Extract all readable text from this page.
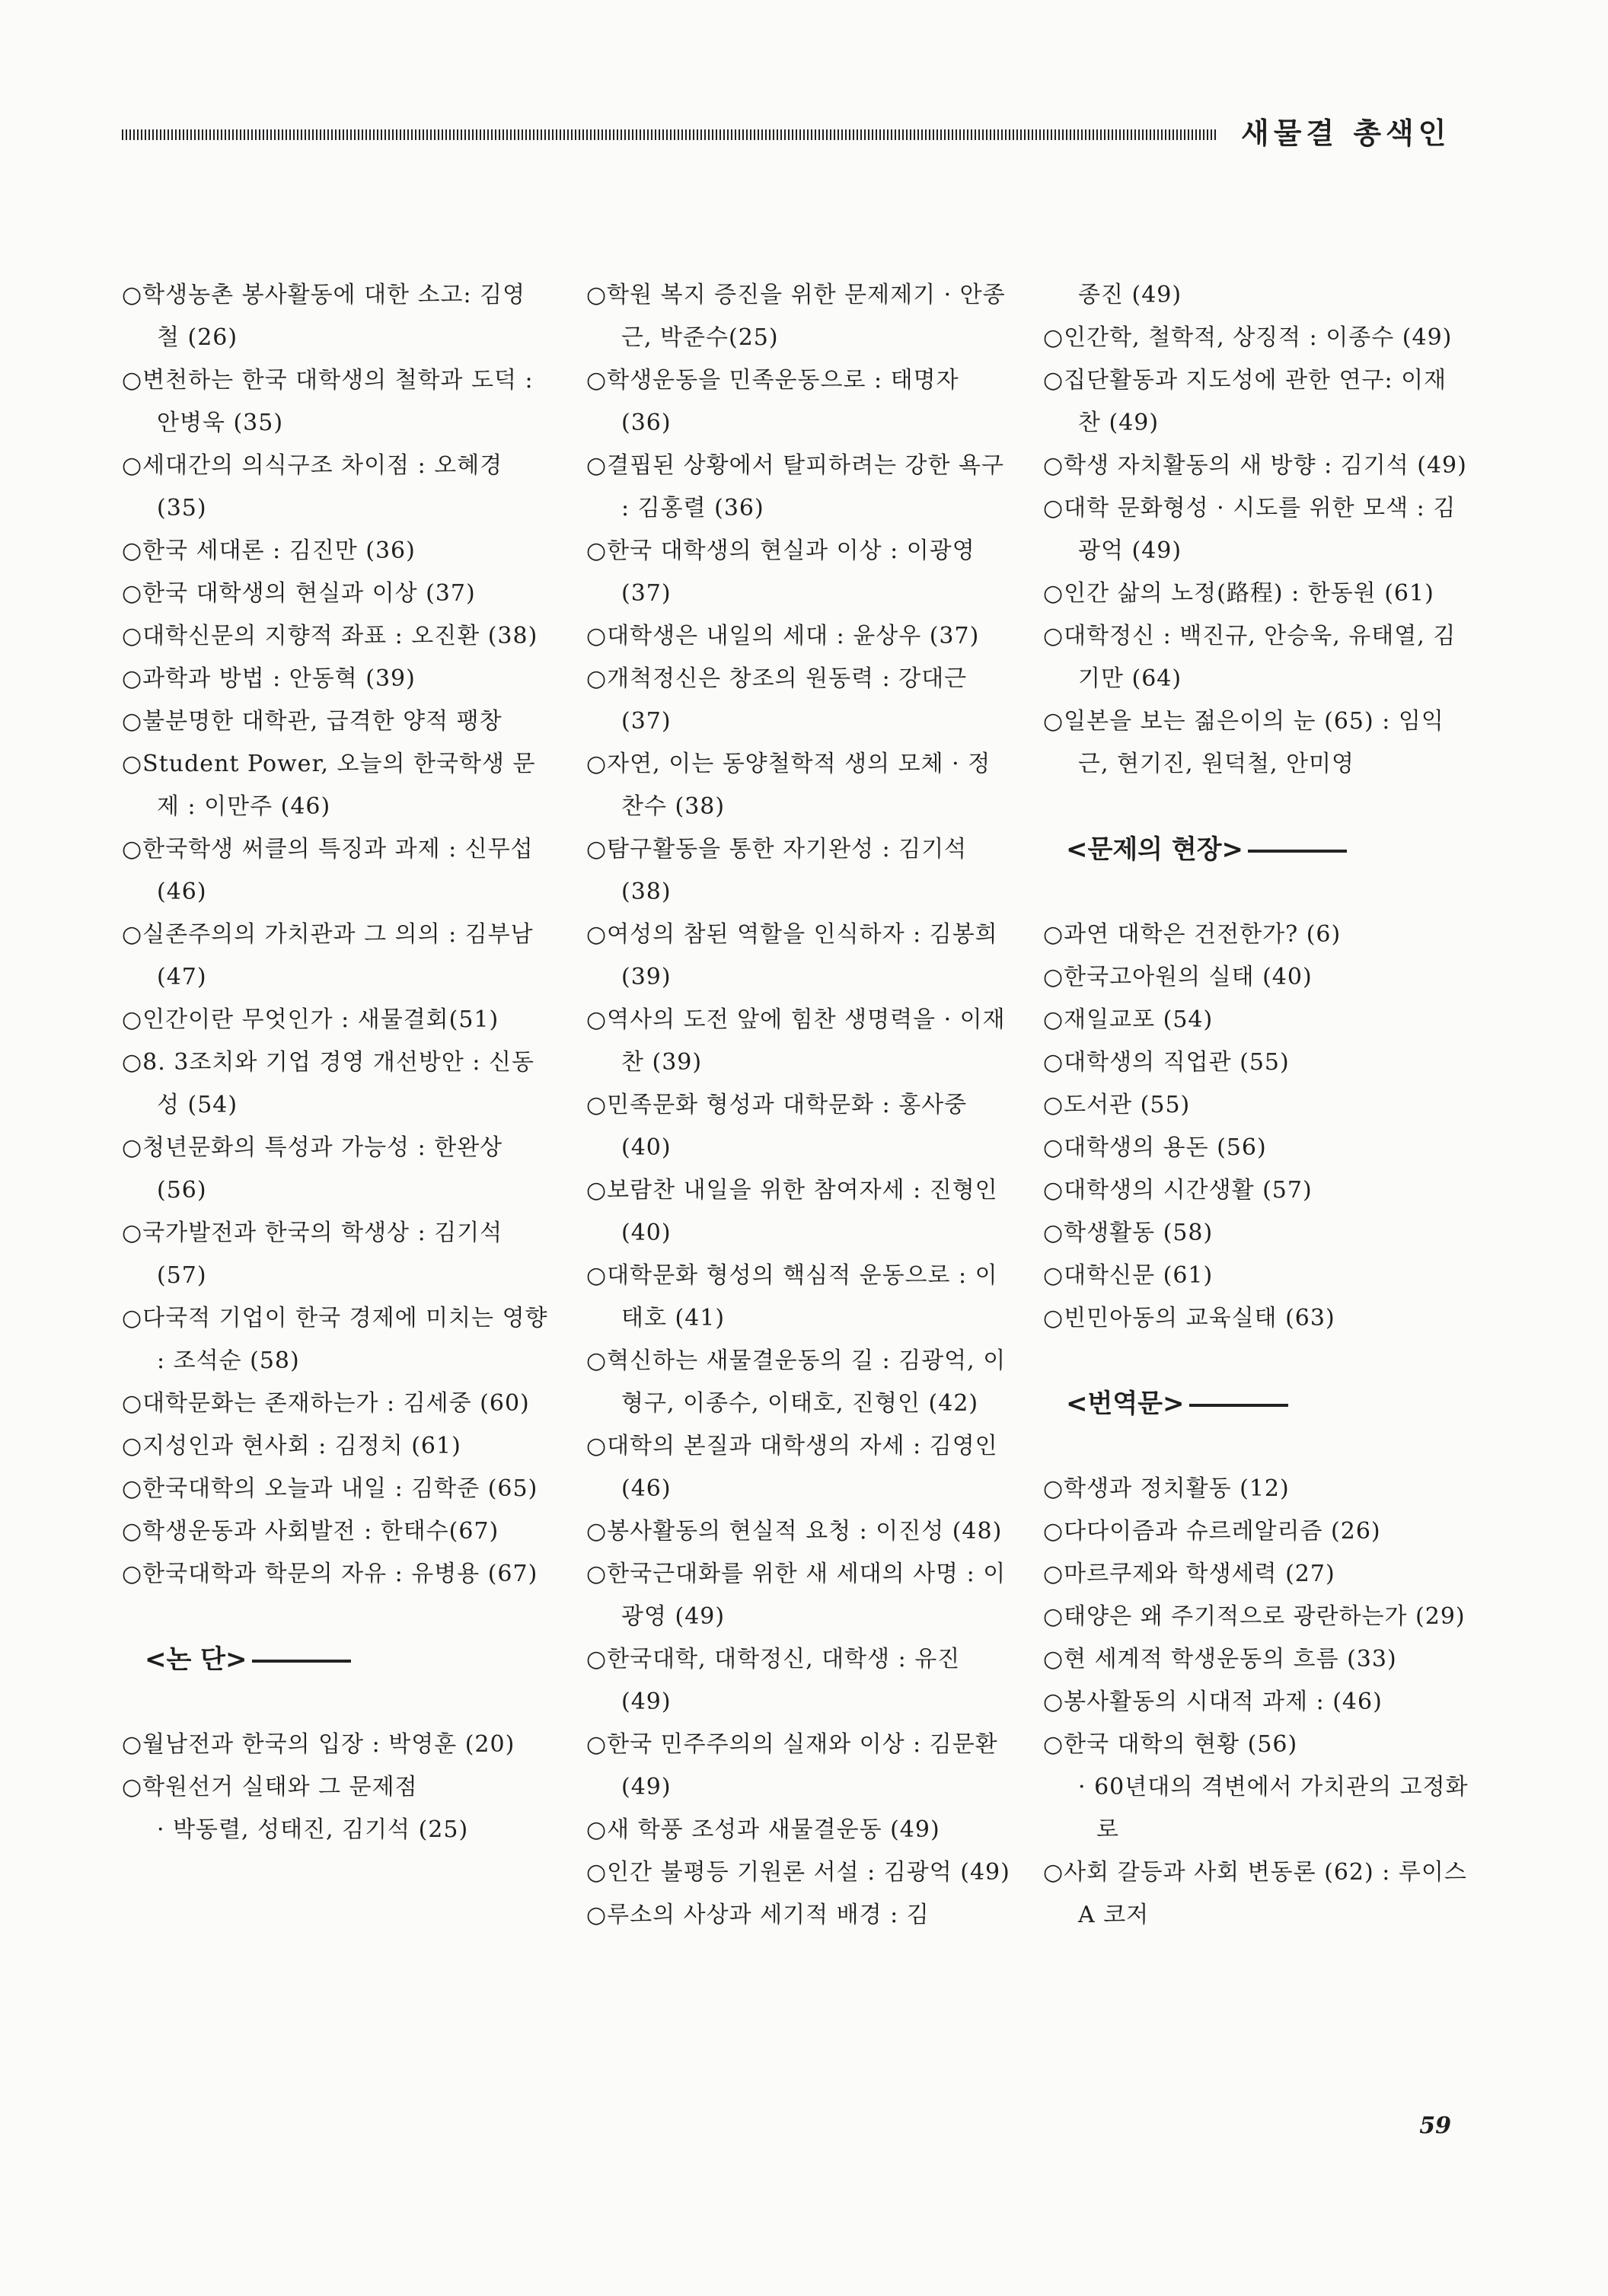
새물결 총색인
○학생농촌 봉사활동에 대한 소고: 김영철 (26)
○변천하는 한국 대학생의 철학과 도덕 : 안병욱 (35)
○세대간의 의식구조 차이점 : 오혜경 (35)
○한국 세대론 : 김진만 (36)
○한국 대학생의 현실과 이상 (37)
○대학신문의 지향적 좌표 : 오진환 (38)
○과학과 방법 : 안동혁 (39)
○불분명한 대학관, 급격한 양적 팽창
○Student Power, 오늘의 한국학생 문제 : 이만주 (46)
○한국학생 써클의 특징과 과제 : 신무섭 (46)
○실존주의의 가치관과 그 의의 : 김부남 (47)
○인간이란 무엇인가 : 새물결회(51)
○8. 3조치와 기업 경영 개선방안 : 신동성 (54)
○청년문화의 특성과 가능성 : 한완상 (56)
○국가발전과 한국의 학생상 : 김기석 (57)
○다국적 기업이 한국 경제에 미치는 영향 : 조석순 (58)
○대학문화는 존재하는가 : 김세중 (60)
○지성인과 현사회 : 김정치 (61)
○한국대학의 오늘과 내일 : 김학준 (65)
○학생운동과 사회발전 : 한태수(67)
○한국대학과 학문의 자유 : 유병용 (67)
<논 단>
○월남전과 한국의 입장 : 박영훈 (20)
○학원선거 실태와 그 문제점
· 박동렬, 성태진, 김기석 (25)
○학원 복지 증진을 위한 문제제기 · 안종근, 박준수(25)
○학생운동을 민족운동으로 : 태명자 (36)
○결핍된 상황에서 탈피하려는 강한 욕구 : 김홍렬 (36)
○한국 대학생의 현실과 이상 : 이광영 (37)
○대학생은 내일의 세대 : 윤상우 (37)
○개척정신은 창조의 원동력 : 강대근 (37)
○자연, 이는 동양철학적 생의 모체 · 정찬수 (38)
○탐구활동을 통한 자기완성 : 김기석 (38)
○여성의 참된 역할을 인식하자 : 김봉희 (39)
○역사의 도전 앞에 힘찬 생명력을 · 이재찬 (39)
○민족문화 형성과 대학문화 : 홍사중 (40)
○보람찬 내일을 위한 참여자세 : 진형인 (40)
○대학문화 형성의 핵심적 운동으로 : 이태호 (41)
○혁신하는 새물결운동의 길 : 김광억, 이형구, 이종수, 이태호, 진형인 (42)
○대학의 본질과 대학생의 자세 : 김영인 (46)
○봉사활동의 현실적 요청 : 이진성 (48)
○한국근대화를 위한 새 세대의 사명 : 이광영 (49)
○한국대학, 대학정신, 대학생 : 유진 (49)
○한국 민주주의의 실재와 이상 : 김문환 (49)
○새 학풍 조성과 새물결운동 (49)
○인간 불평등 기원론 서설 : 김광억 (49)
○루소의 사상과 세기적 배경 : 김
종진 (49)
○인간학, 철학적, 상징적 : 이종수 (49)
○집단활동과 지도성에 관한 연구: 이재찬 (49)
○학생 자치활동의 새 방향 : 김기석 (49)
○대학 문화형성 · 시도를 위한 모색 : 김광억 (49)
○인간 삶의 노정(路程) : 한동원 (61)
○대학정신 : 백진규, 안승욱, 유태열, 김기만 (64)
○일본을 보는 젊은이의 눈 (65) : 임익근, 현기진, 원덕철, 안미영
<문제의 현장>
○과연 대학은 건전한가? (6)
○한국고아원의 실태 (40)
○재일교포 (54)
○대학생의 직업관 (55)
○도서관 (55)
○대학생의 용돈 (56)
○대학생의 시간생활 (57)
○학생활동 (58)
○대학신문 (61)
○빈민아동의 교육실태 (63)
<번역문>
○학생과 정치활동 (12)
○다다이즘과 슈르레알리즘 (26)
○마르쿠제와 학생세력 (27)
○태양은 왜 주기적으로 광란하는가 (29)
○현 세계적 학생운동의 흐름 (33)
○봉사활동의 시대적 과제 : (46)
○한국 대학의 현황 (56)
· 60년대의 격변에서 가치관의 고정화로
○사회 갈등과 사회 변동론 (62) : 루이스 A 코저
59
